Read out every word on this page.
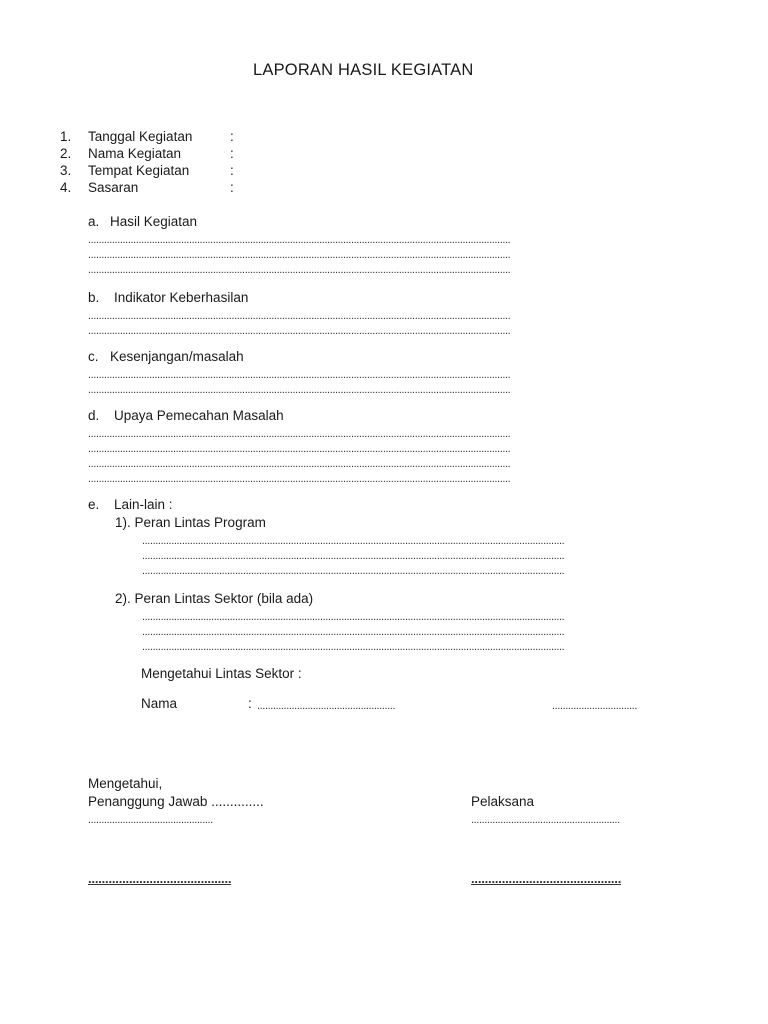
LAPORAN HASIL KEGIATAN
1. Tanggal Kegiatan	:
2. Nama Kegiatan	:
3. Tempat Kegiatan	:
4. Sasaran	:
a. Hasil Kegiatan
...............................................................................................................................................................
...............................................................................................................................................................
...............................................................................................................................................................
b. Indikator Keberhasilan
...............................................................................................................................................................
...............................................................................................................................................................
c. Kesenjangan/masalah
...............................................................................................................................................................
...............................................................................................................................................................
d. Upaya Pemecahan Masalah
...............................................................................................................................................................
...............................................................................................................................................................
...............................................................................................................................................................
...............................................................................................................................................................
e. Lain-lain :
1). Peran Lintas Program
...............................................................................................................................................................
...............................................................................................................................................................
...............................................................................................................................................................
2). Peran Lintas Sektor (bila ada)
...............................................................................................................................................................
...............................................................................................................................................................
...............................................................................................................................................................
Mengetahui Lintas Sektor :
Nama	: ....................................................	................................
Mengetahui,
Penanggung Jawab ..............	Pelaksana
...............................................	........................................................
..........................................	............................................
